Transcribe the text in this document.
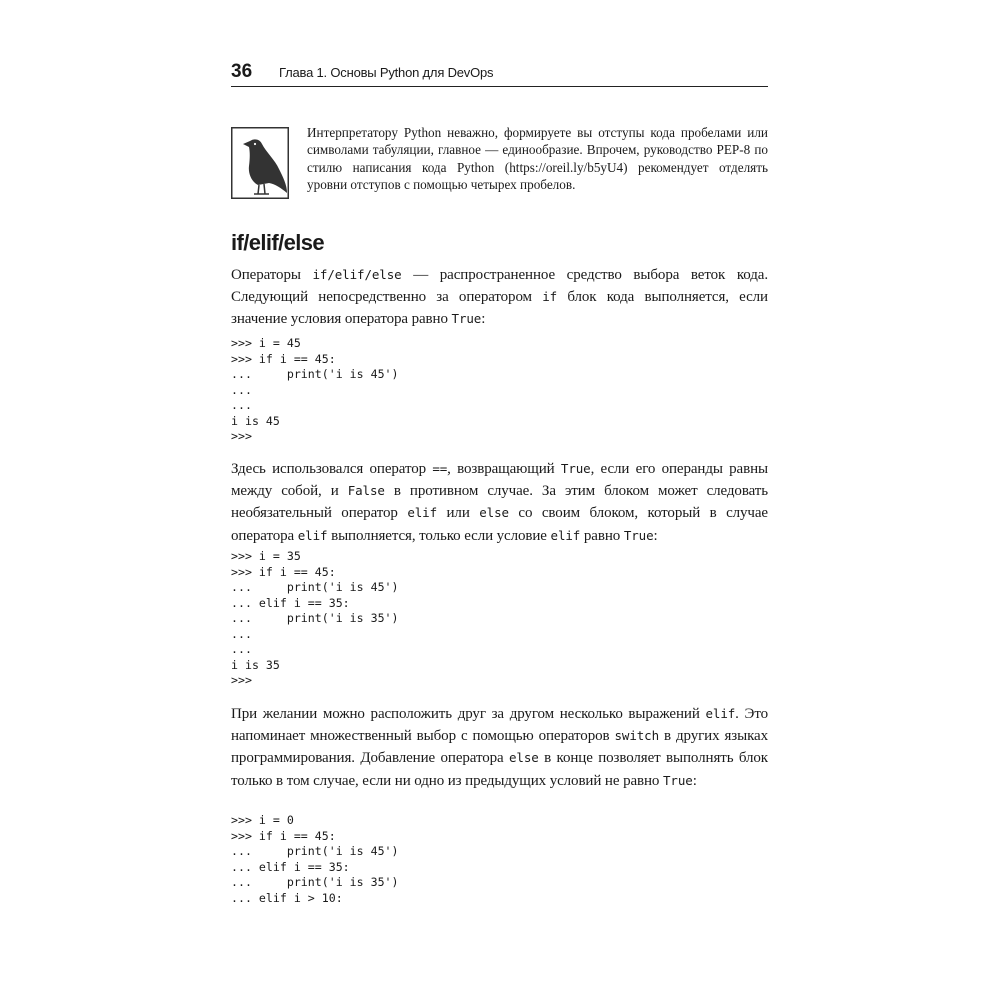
36	Глава 1. Основы Python для DevOps
Интерпретатору Python неважно, формируете вы отступы кода пробелами или символами табуляции, главное — единообразие. Впрочем, руководство PEP-8 по стилю написания кода Python (https://oreil.ly/b5yU4) рекомендует отделять уровни отступов с помощью четырех пробелов.
if/elif/else
Операторы if/elif/else — распространенное средство выбора веток кода. Следующий непосредственно за оператором if блок кода выполняется, если значение условия оператора равно True:
>>> i = 45
>>> if i == 45:
...     print('i is 45')
...
...
i is 45
>>>
Здесь использовался оператор ==, возвращающий True, если его операнды равны между собой, и False в противном случае. За этим блоком может следовать необязательный оператор elif или else со своим блоком, который в случае оператора elif выполняется, только если условие elif равно True:
>>> i = 35
>>> if i == 45:
...     print('i is 45')
... elif i == 35:
...     print('i is 35')
...
...
i is 35
>>>
При желании можно расположить друг за другом несколько выражений elif. Это напоминает множественный выбор с помощью операторов switch в других языках программирования. Добавление оператора else в конце позволяет выполнять блок только в том случае, если ни одно из предыдущих условий не равно True:
>>> i = 0
>>> if i == 45:
...     print('i is 45')
... elif i == 35:
...     print('i is 35')
... elif i > 10:
